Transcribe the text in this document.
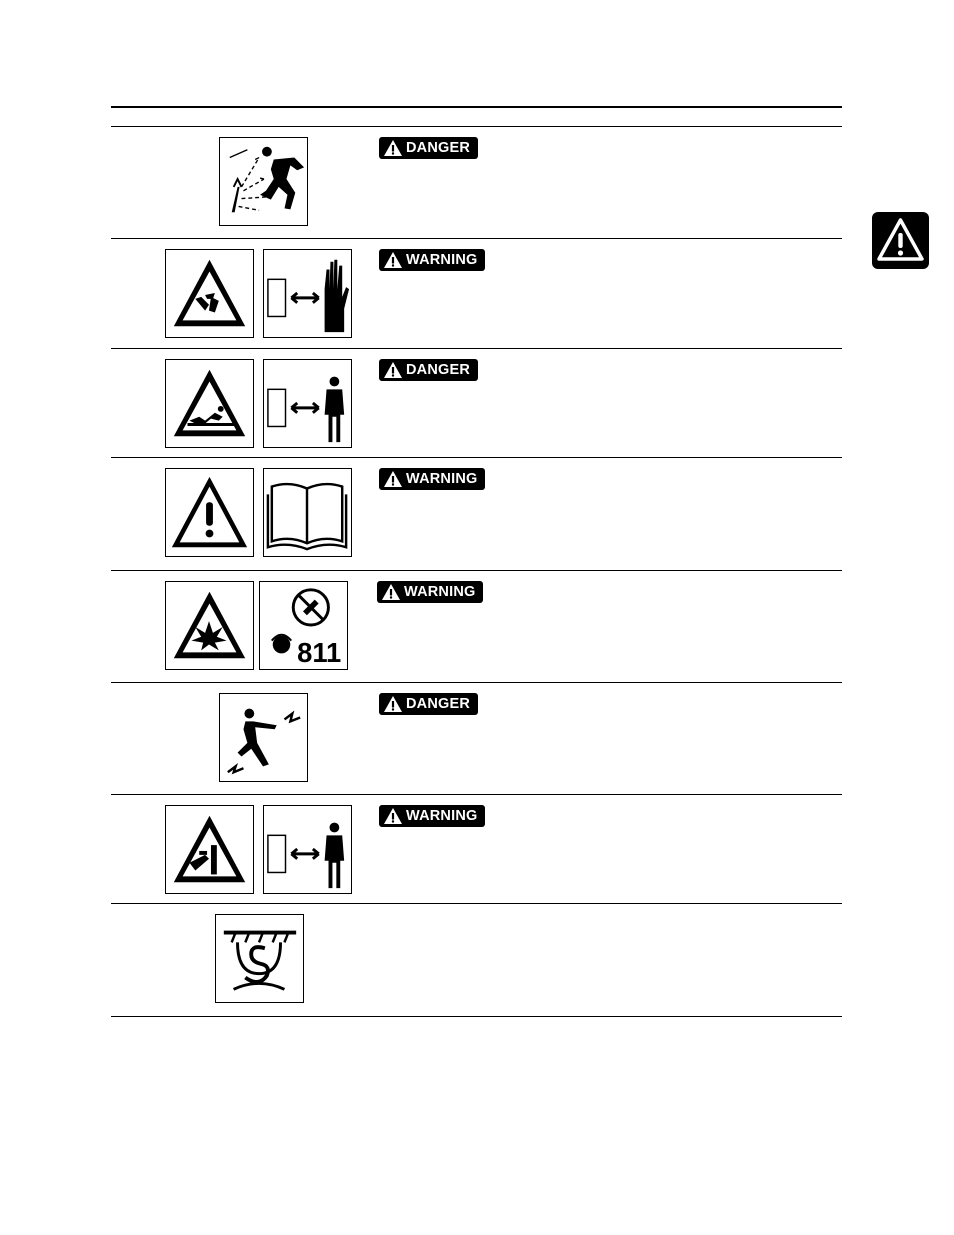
DANGER
WARNING
DANGER
WARNING
811
WARNING
DANGER
WARNING
